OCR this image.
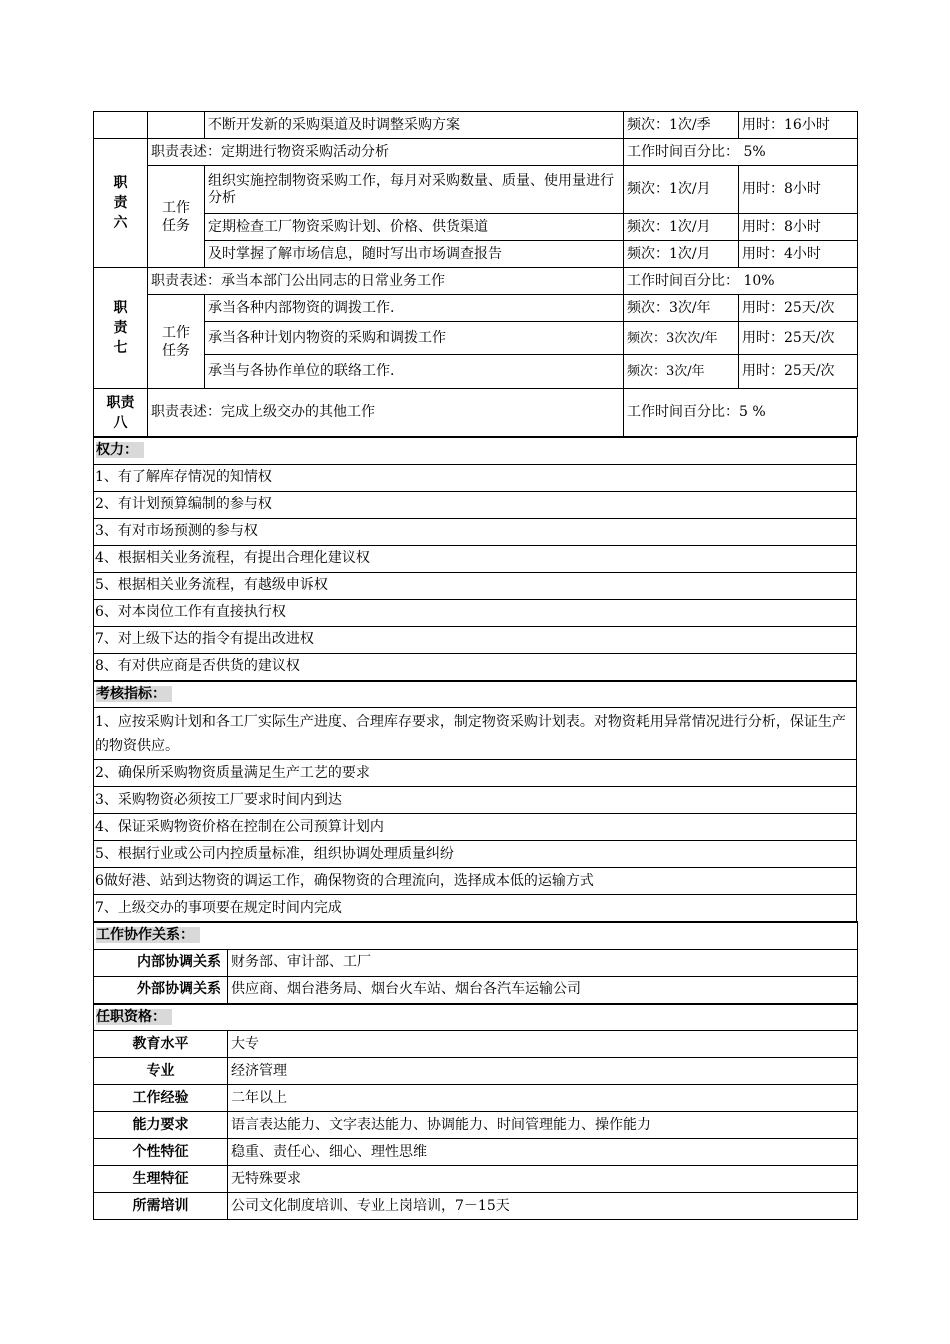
		不断开发新的采购渠道及时调整采购方案	频次：1次/季	用时：16小时

职责六	职责表述：定期进行物资采购活动分析		工作时间百分比： 5%	

	工作任务	组织实施控制物资采购工作，每月对采购数量、质量、使用量进行分析	频次：1次/月	用时：8小时
		定期检查工厂物资采购计划、价格、供货渠道	频次：1次/月	用时：8小时
		及时掌握了解市场信息，随时写出市场调查报告	频次：1次/月	用时：4小时

职责七	职责表述：承当本部门公出同志的日常业务工作		工作时间百分比： 10%	

	工作任务	承当各种内部物资的调拨工作.	频次：3次/年	用时：25天/次
		承当各种计划内物资的采购和调拨工作	频次：3次次/年	用时：25天/次
		承当与各协作单位的联络工作.	频次：3次/年	用时：25天/次

职责八	职责表述：完成上级交办的其他工作		工作时间百分比：5 %	
权力：
1、有了解库存情况的知情权
2、有计划预算编制的参与权
3、有对市场预测的参与权
4、根据相关业务流程，有提出合理化建议权
5、根据相关业务流程，有越级申诉权
6、对本岗位工作有直接执行权
7、对上级下达的指令有提出改进权
8、有对供应商是否供货的建议权
考核指标：
1、应按采购计划和各工厂实际生产进度、合理库存要求，制定物资采购计划表。对物资耗用异常情况进行分析，保证生产的物资供应。
2、确保所采购物资质量满足生产工艺的要求
3、采购物资必须按工厂要求时间内到达
4、保证采购物资价格在控制在公司预算计划内
5、根据行业或公司内控质量标准，组织协调处理质量纠纷
6做好港、站到达物资的调运工作，确保物资的合理流向，选择成本低的运输方式
7、上级交办的事项要在规定时间内完成
工作协作关系：	
内部协调关系	财务部、审计部、工厂
外部协调关系	供应商、烟台港务局、烟台火车站、烟台各汽车运输公司
任职资格：	
教育水平	大专
专业	经济管理
工作经验	二年以上
能力要求	语言表达能力、文字表达能力、协调能力、时间管理能力、操作能力
个性特征	稳重、责任心、细心、理性思维
生理特征	无特殊要求
所需培训	公司文化制度培训、专业上岗培训，7－15天
